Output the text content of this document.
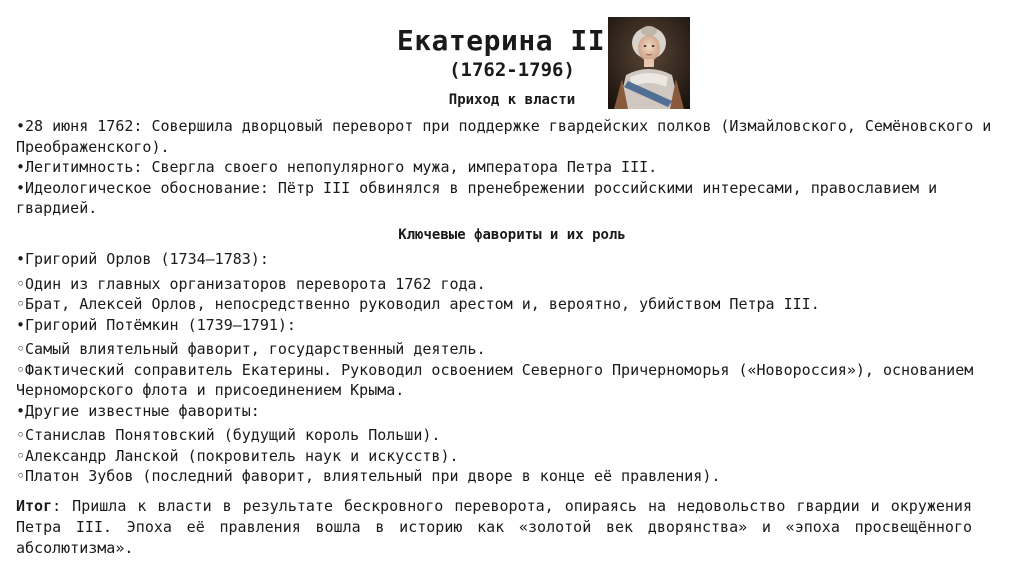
Екатерина II
(1762-1796)
Приход к власти
•28 июня 1762: Совершила дворцовый переворот при поддержке гвардейских полков (Измайловского, Семёновского и Преображенского).
•Легитимность: Свергла своего непопулярного мужа, императора Петра III.
•Идеологическое обоснование: Пётр III обвинялся в пренебрежении российскими интересами, православием и гвардией.
Ключевые фавориты и их роль
•Григорий Орлов (1734–1783):
◦Один из главных организаторов переворота 1762 года.
◦Брат, Алексей Орлов, непосредственно руководил арестом и, вероятно, убийством Петра III.
•Григорий Потёмкин (1739–1791):
◦Самый влиятельный фаворит, государственный деятель.
◦Фактический соправитель Екатерины. Руководил освоением Северного Причерноморья («Новороссия»), основанием Черноморского флота и присоединением Крыма.
•Другие известные фавориты:
◦Станислав Понятовский (будущий король Польши).
◦Александр Ланской (покровитель наук и искусств).
◦Платон Зубов (последний фаворит, влиятельный при дворе в конце её правления).

Итог: Пришла к власти в результате бескровного переворота, опираясь на недовольство гвардии и окружения Петра III. Эпоха её правления вошла в историю как «золотой век дворянства» и «эпоха просвещённого абсолютизма».
